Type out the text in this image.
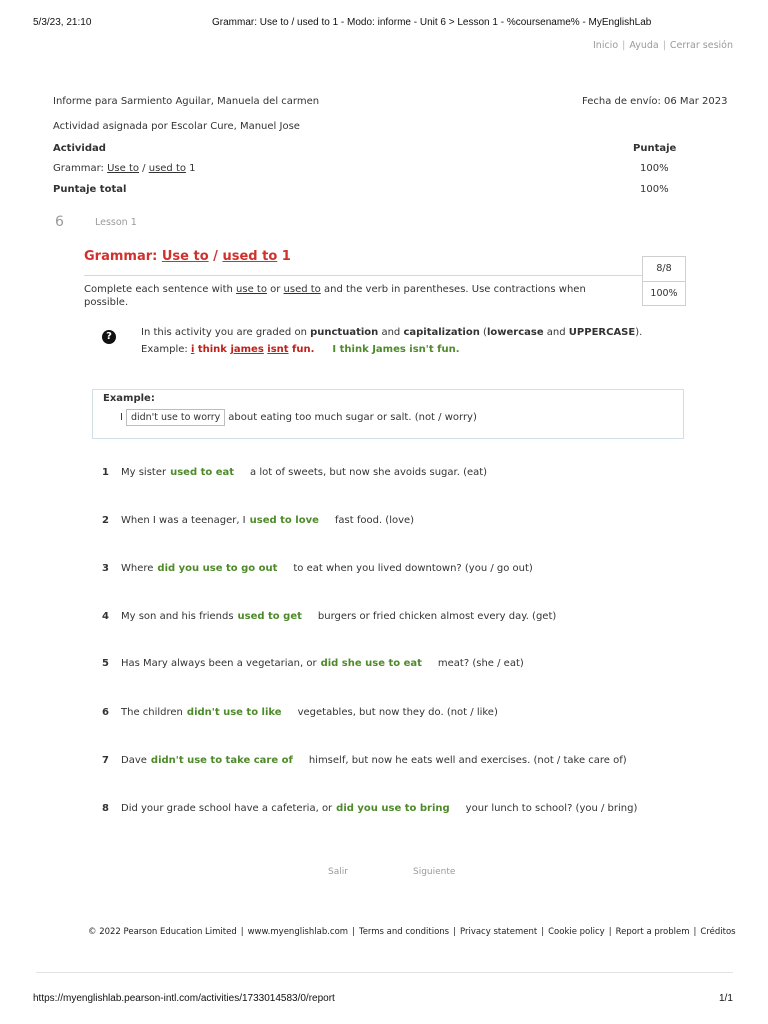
5/3/23, 21:10	Grammar: Use to / used to 1 - Modo: informe - Unit 6 > Lesson 1 - %coursename% - MyEnglishLab
Inicio | Ayuda | Cerrar sesión
Informe para Sarmiento Aguilar, Manuela del carmen	Fecha de envío: 06 Mar 2023
Actividad asignada por Escolar Cure, Manuel Jose
Actividad	Puntaje
Grammar: Use to / used to 1	100%
Puntaje total	100%
6	Lesson 1
Grammar: Use to / used to 1
8/8
100%
Complete each sentence with use to or used to and the verb in parentheses. Use contractions when possible.
?	In this activity you are graded on punctuation and capitalization (lowercase and UPPERCASE).
Example: i think james isnt fun. I think James isn't fun.
Example:
I didn't use to worry about eating too much sugar or salt. (not / worry)
1 My sister used to eat a lot of sweets, but now she avoids sugar. (eat)
2 When I was a teenager, I used to love fast food. (love)
3 Where did you use to go out to eat when you lived downtown? (you / go out)
4 My son and his friends used to get burgers or fried chicken almost every day. (get)
5 Has Mary always been a vegetarian, or did she use to eat meat? (she / eat)
6 The children didn't use to like vegetables, but now they do. (not / like)
7 Dave didn't use to take care of himself, but now he eats well and exercises. (not / take care of)
8 Did your grade school have a cafeteria, or did you use to bring your lunch to school? (you / bring)
Salir	Siguiente
© 2022 Pearson Education Limited | www.myenglishlab.com | Terms and conditions | Privacy statement | Cookie policy | Report a problem | Créditos
https://myenglishlab.pearson-intl.com/activities/1733014583/0/report	1/1
